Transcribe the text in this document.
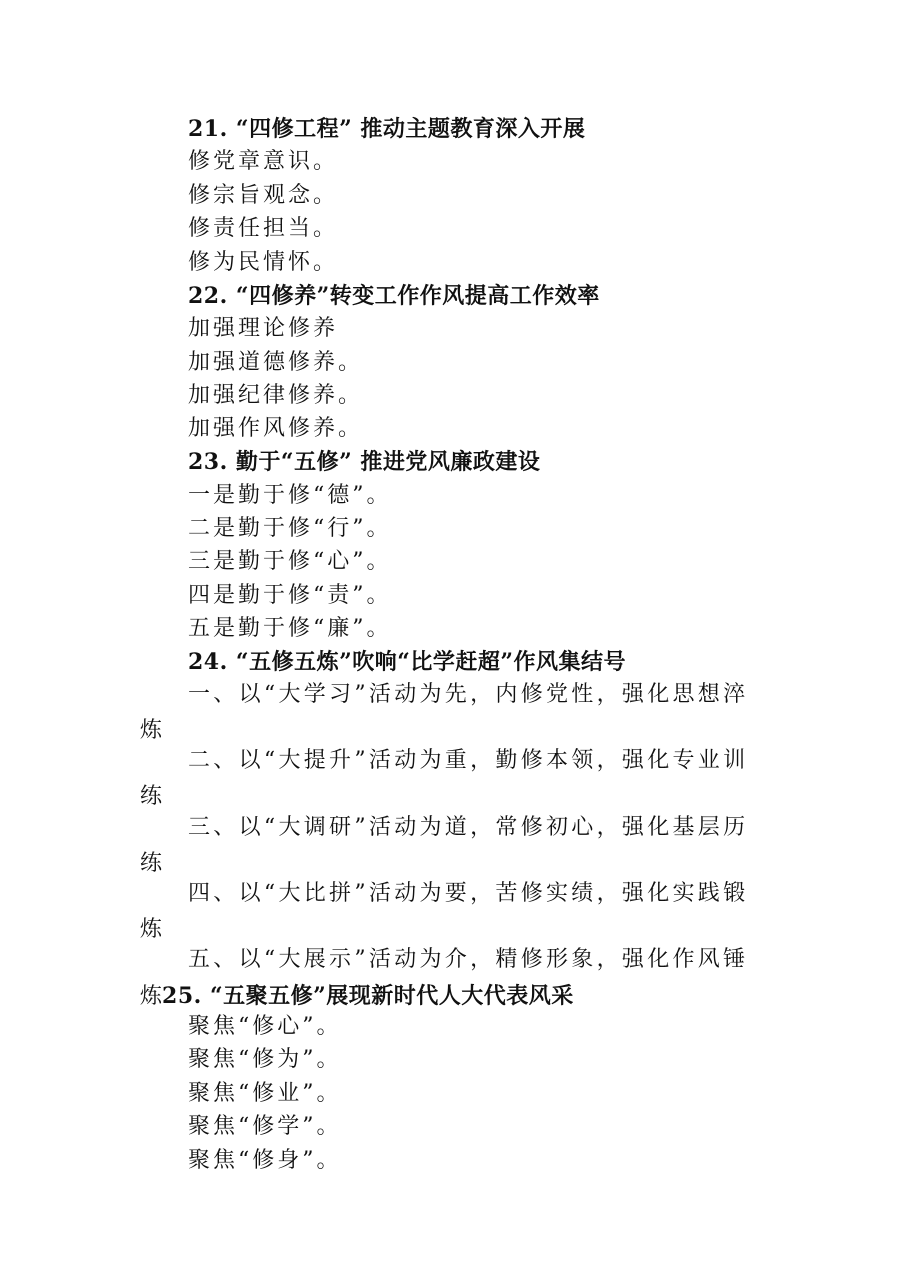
21. “四修工程” 推动主题教育深入开展
修党章意识。
修宗旨观念。
修责任担当。
修为民情怀。
22. “四修养”转变工作作风提高工作效率
加强理论修养
加强道德修养。
加强纪律修养。
加强作风修养。
23. 勤于“五修” 推进党风廉政建设
一是勤于修“德”。
二是勤于修“行”。
三是勤于修“心”。
四是勤于修“责”。
五是勤于修“廉”。
24. “五修五炼”吹响“比学赶超”作风集结号
一、以“大学习”活动为先，内修党性，强化思想淬
炼
二、以“大提升”活动为重，勤修本领，强化专业训
练
三、以“大调研”活动为道，常修初心，强化基层历
练
四、以“大比拼”活动为要，苦修实绩，强化实践锻
炼
五、以“大展示”活动为介，精修形象，强化作风锤
炼25. “五聚五修”展现新时代人大代表风采
聚焦“修心”。
聚焦“修为”。
聚焦“修业”。
聚焦“修学”。
聚焦“修身”。
